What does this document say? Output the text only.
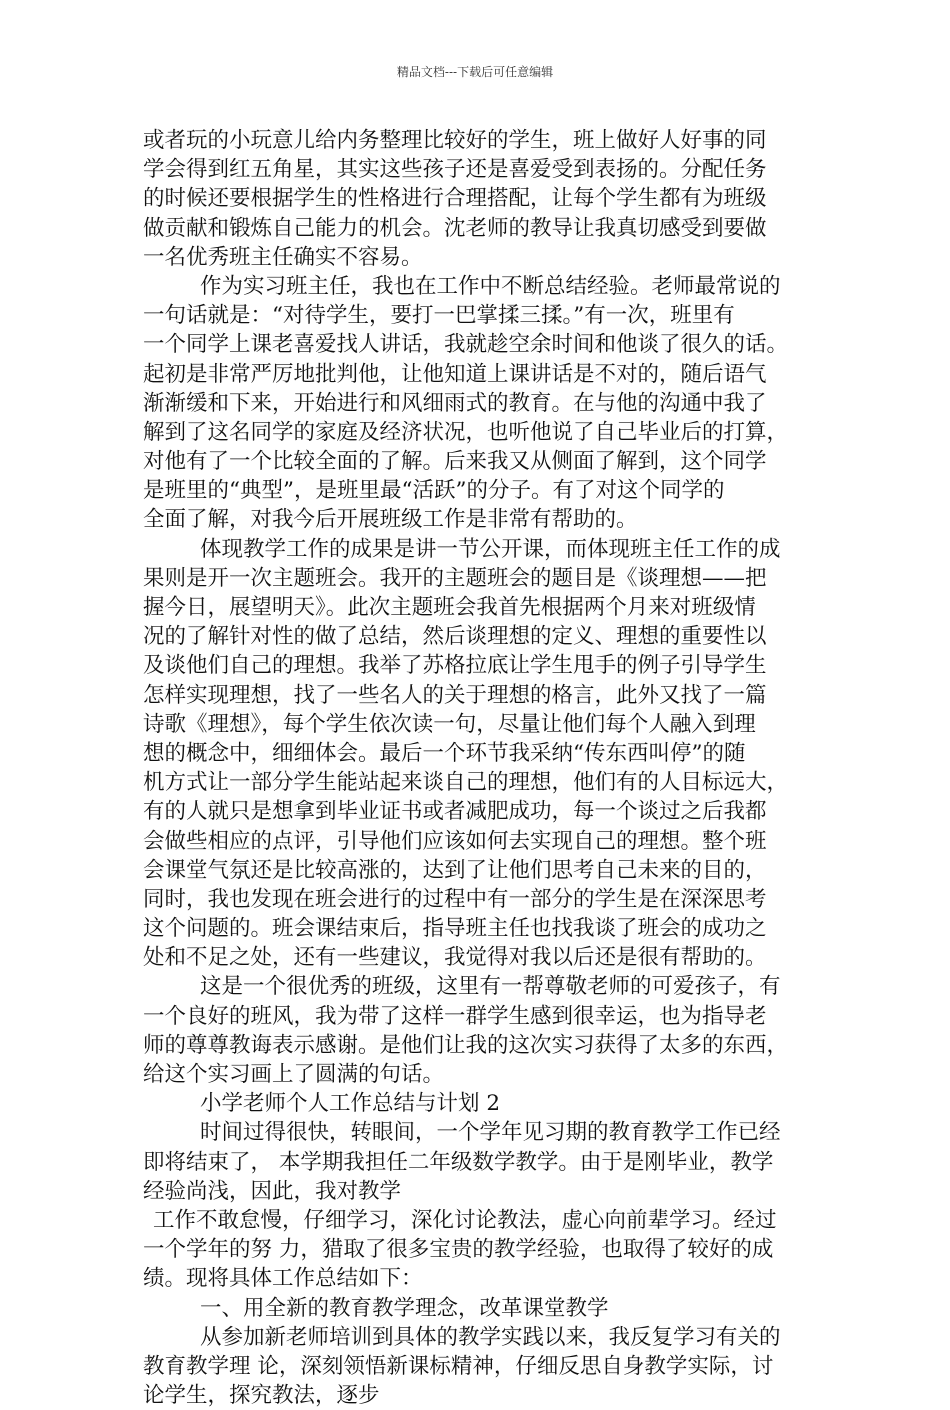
精品文档---下载后可任意编辑
或者玩的小玩意儿给内务整理比较好的学生，班上做好人好事的同
学会得到红五角星，其实这些孩子还是喜爱受到表扬的。分配任务
的时候还要根据学生的性格进行合理搭配，让每个学生都有为班级
做贡献和锻炼自己能力的机会。沈老师的教导让我真切感受到要做
一名优秀班主任确实不容易。
作为实习班主任，我也在工作中不断总结经验。老师最常说的
一句话就是：“对待学生，要打一巴掌揉三揉。”有一次，班里有
一个同学上课老喜爱找人讲话，我就趁空余时间和他谈了很久的话。
起初是非常严厉地批判他，让他知道上课讲话是不对的，随后语气
渐渐缓和下来，开始进行和风细雨式的教育。在与他的沟通中我了
解到了这名同学的家庭及经济状况，也听他说了自己毕业后的打算，
对他有了一个比较全面的了解。后来我又从侧面了解到，这个同学
是班里的“典型”，是班里最“活跃”的分子。有了对这个同学的
全面了解，对我今后开展班级工作是非常有帮助的。
体现教学工作的成果是讲一节公开课，而体现班主任工作的成
果则是开一次主题班会。我开的主题班会的题目是《谈理想——把
握今日，展望明天》。此次主题班会我首先根据两个月来对班级情
况的了解针对性的做了总结，然后谈理想的定义、理想的重要性以
及谈他们自己的理想。我举了苏格拉底让学生甩手的例子引导学生
怎样实现理想，找了一些名人的关于理想的格言，此外又找了一篇
诗歌《理想》，每个学生依次读一句，尽量让他们每个人融入到理
想的概念中，细细体会。最后一个环节我采纳“传东西叫停”的随
机方式让一部分学生能站起来谈自己的理想，他们有的人目标远大，
有的人就只是想拿到毕业证书或者减肥成功，每一个谈过之后我都
会做些相应的点评，引导他们应该如何去实现自己的理想。整个班
会课堂气氛还是比较高涨的，达到了让他们思考自己未来的目的，
同时，我也发现在班会进行的过程中有一部分的学生是在深深思考
这个问题的。班会课结束后，指导班主任也找我谈了班会的成功之
处和不足之处，还有一些建议，我觉得对我以后还是很有帮助的。
这是一个很优秀的班级，这里有一帮尊敬老师的可爱孩子，有
一个良好的班风，我为带了这样一群学生感到很幸运，也为指导老
师的尊尊教诲表示感谢。是他们让我的这次实习获得了太多的东西，
给这个实习画上了圆满的句话。
小学老师个人工作总结与计划 2
时间过得很快，转眼间，一个学年见习期的教育教学工作已经
即将结束了， 本学期我担任二年级数学教学。由于是刚毕业，教学
经验尚浅，因此，我对教学
工作不敢怠慢，仔细学习，深化讨论教法，虚心向前辈学习。经过
一个学年的努 力，猎取了很多宝贵的教学经验，也取得了较好的成
绩。现将具体工作总结如下：
一、用全新的教育教学理念，改革课堂教学
从参加新老师培训到具体的教学实践以来，我反复学习有关的
教育教学理 论，深刻领悟新课标精神，仔细反思自身教学实际，讨
论学生，探究教法，逐步
